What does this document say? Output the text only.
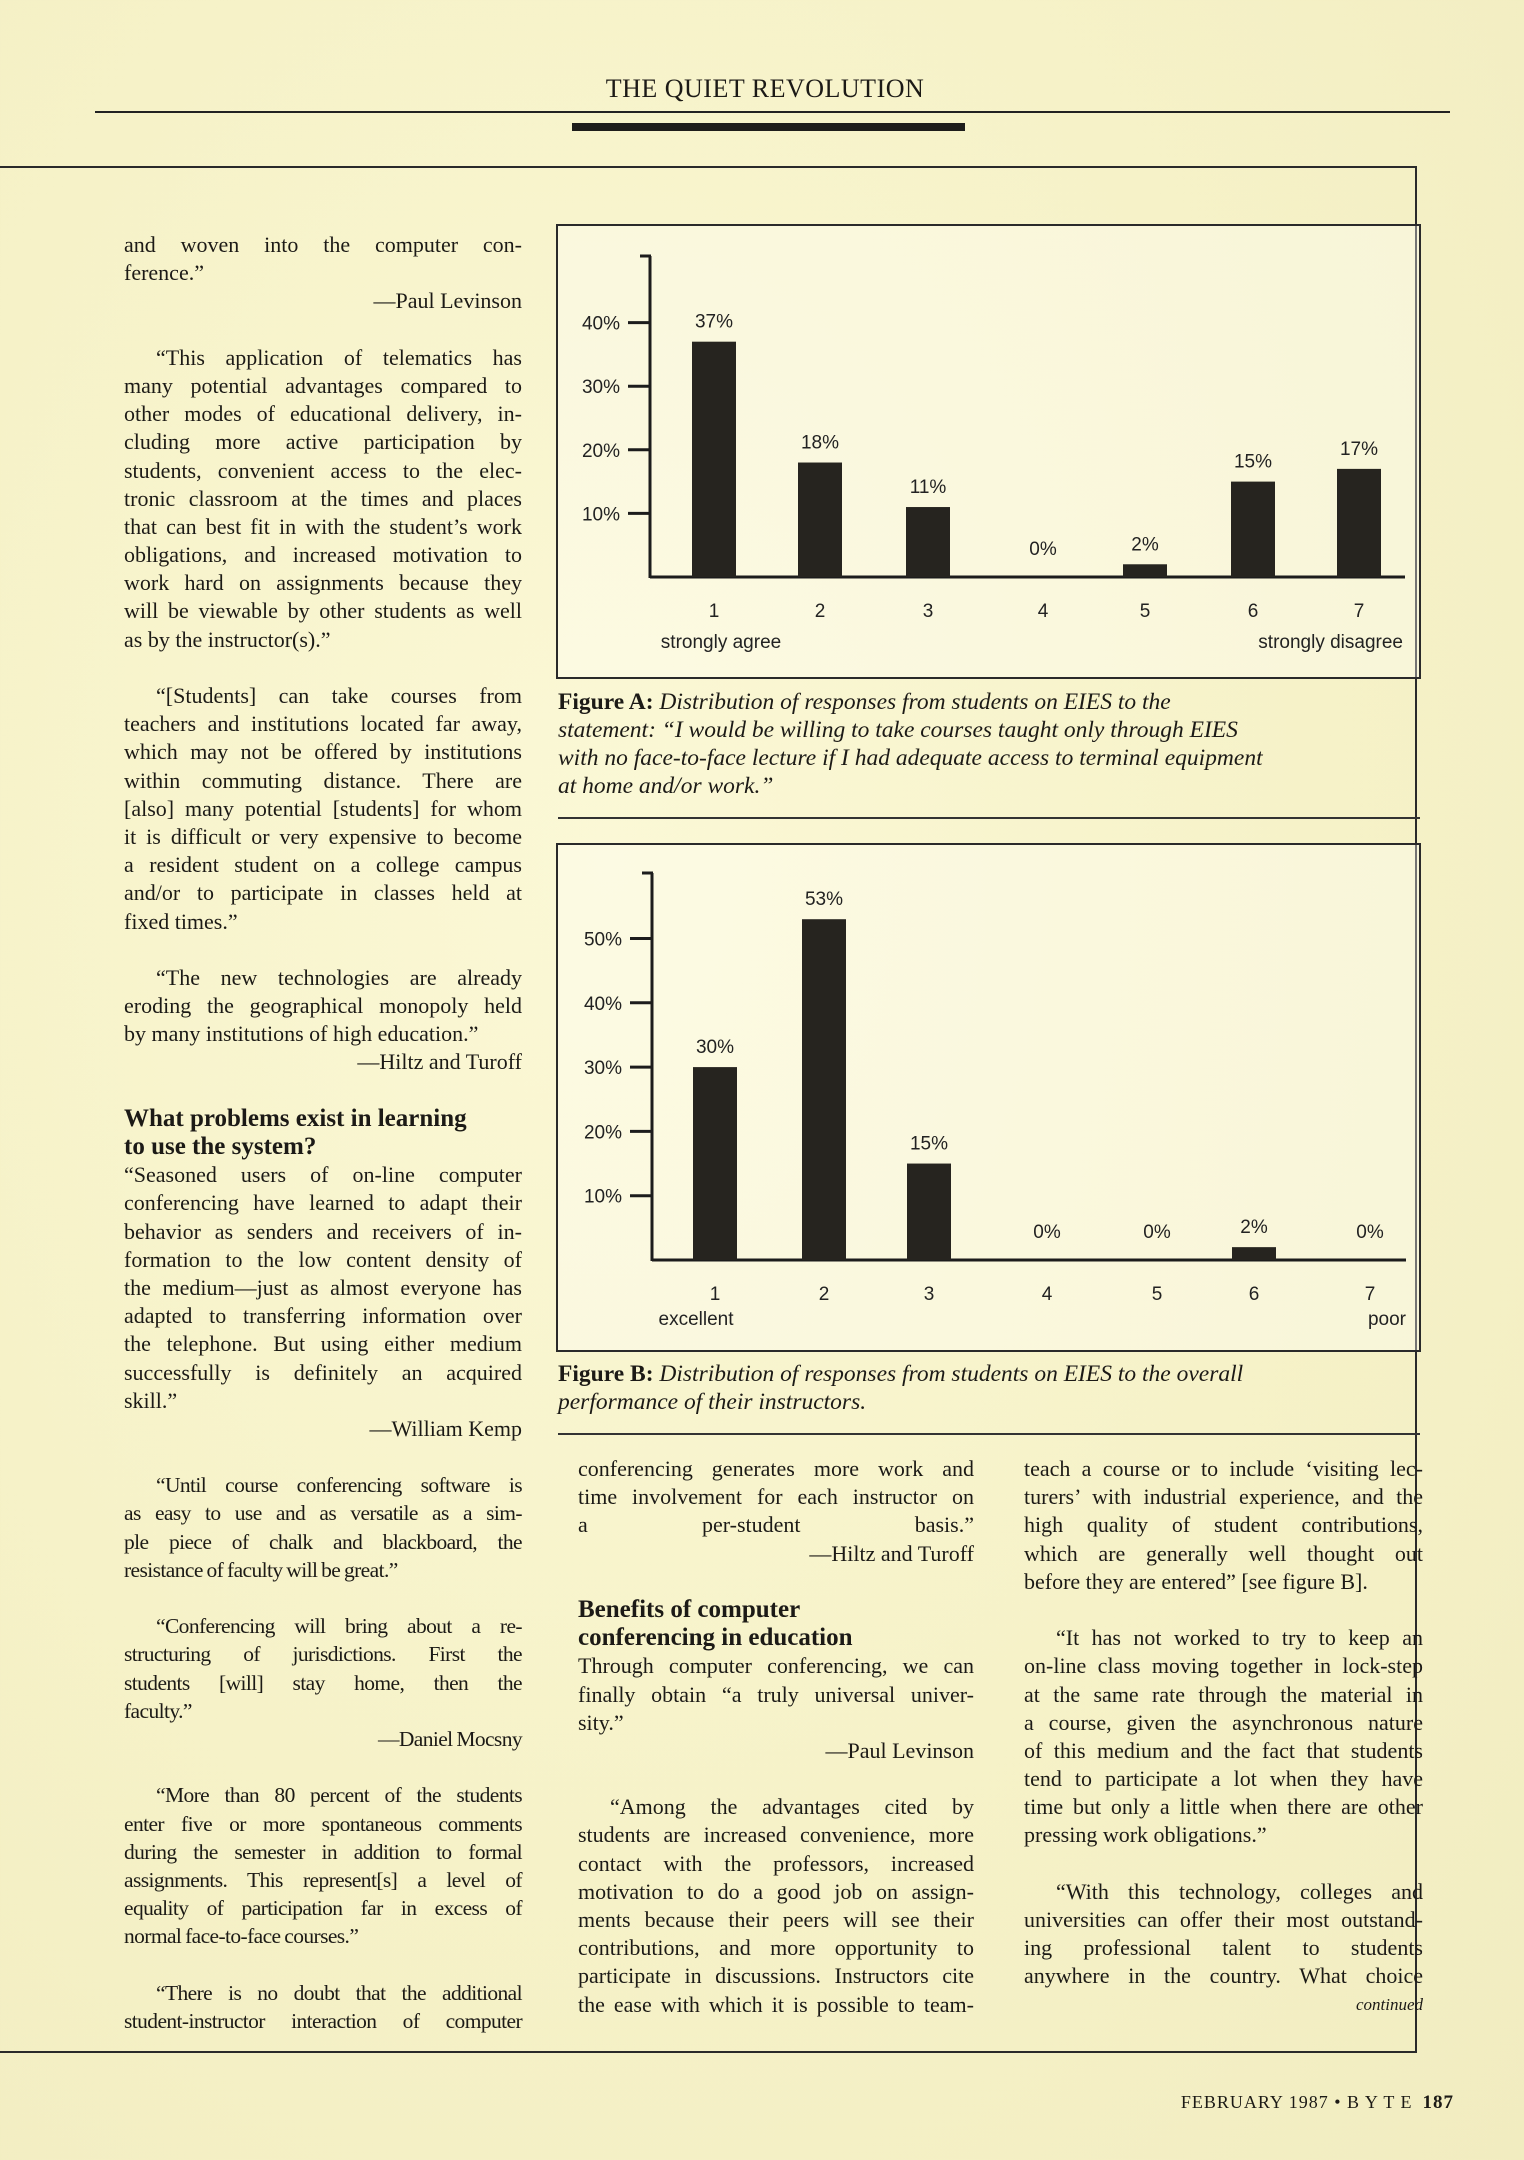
THE QUIET REVOLUTION
and woven into the computer con-
ference.”
—Paul Levinson
“This application of telematics has
many potential advantages compared to
other modes of educational delivery, in-
cluding more active participation by
students, convenient access to the elec-
tronic classroom at the times and places
that can best fit in with the student’s work
obligations, and increased motivation to
work hard on assignments because they
will be viewable by other students as well
as by the instructor(s).”
“[Students] can take courses from
teachers and institutions located far away,
which may not be offered by institutions
within commuting distance. There are
[also] many potential [students] for whom
it is difficult or very expensive to become
a resident student on a college campus
and/or to participate in classes held at
fixed times.”
“The new technologies are already
eroding the geographical monopoly held
by many institutions of high education.”
—Hiltz and Turoff
What problems exist in learning
to use the system?
“Seasoned users of on-line computer
conferencing have learned to adapt their
behavior as senders and receivers of in-
formation to the low content density of
the medium—just as almost everyone has
adapted to transferring information over
the telephone. But using either medium
successfully is definitely an acquired
skill.”
—William Kemp
“Until course conferencing software is
as easy to use and as versatile as a sim-
ple piece of chalk and blackboard, the
resistance of faculty will be great.”
“Conferencing will bring about a re-
structuring of jurisdictions. First the
students [will] stay home, then the
faculty.”
—Daniel Mocsny
“More than 80 percent of the students
enter five or more spontaneous comments
during the semester in addition to formal
assignments. This represent[s] a level of
equality of participation far in excess of
normal face-to-face courses.”
“There is no doubt that the additional
student-instructor interaction of computer
conferencing generates more work and
time involvement for each instructor on
a per-student basis.”
—Hiltz and Turoff
Benefits of computer
conferencing in education
Through computer conferencing, we can
finally obtain “a truly universal univer-
sity.”
—Paul Levinson
“Among the advantages cited by
students are increased convenience, more
contact with the professors, increased
motivation to do a good job on assign-
ments because their peers will see their
contributions, and more opportunity to
participate in discussions. Instructors cite
the ease with which it is possible to team-
teach a course or to include ‘visiting lec-
turers’ with industrial experience, and the
high quality of student contributions,
which are generally well thought out
before they are entered” [see figure B].
“It has not worked to try to keep an
on-line class moving together in lock-step
at the same rate through the material in
a course, given the asynchronous nature
of this medium and the fact that students
tend to participate a lot when they have
time but only a little when there are other
pressing work obligations.”
“With this technology, colleges and
universities can offer their most outstand-
ing professional talent to students
anywhere in the country. What choice
continued
10%
20%
30%
40%	37%
1
18%
2
11%
3
0%
4
2%
5
15%
6
17%
7
strongly agree	strongly disagree
Figure A: Distribution of responses from students on EIES to the
statement: “I would be willing to take courses taught only through EIES
with no face-to-face lecture if I had adequate access to terminal equipment
at home and/or work.”
10%
20%
30%
40%
50%
30%
1
53%
2
15%
3
0%
4
0%
5
2%
6
0%
7
excellent	poor
Figure B: Distribution of responses from students on EIES to the overall
performance of their instructors.
FEBRUARY 1987 • B Y T E 187
